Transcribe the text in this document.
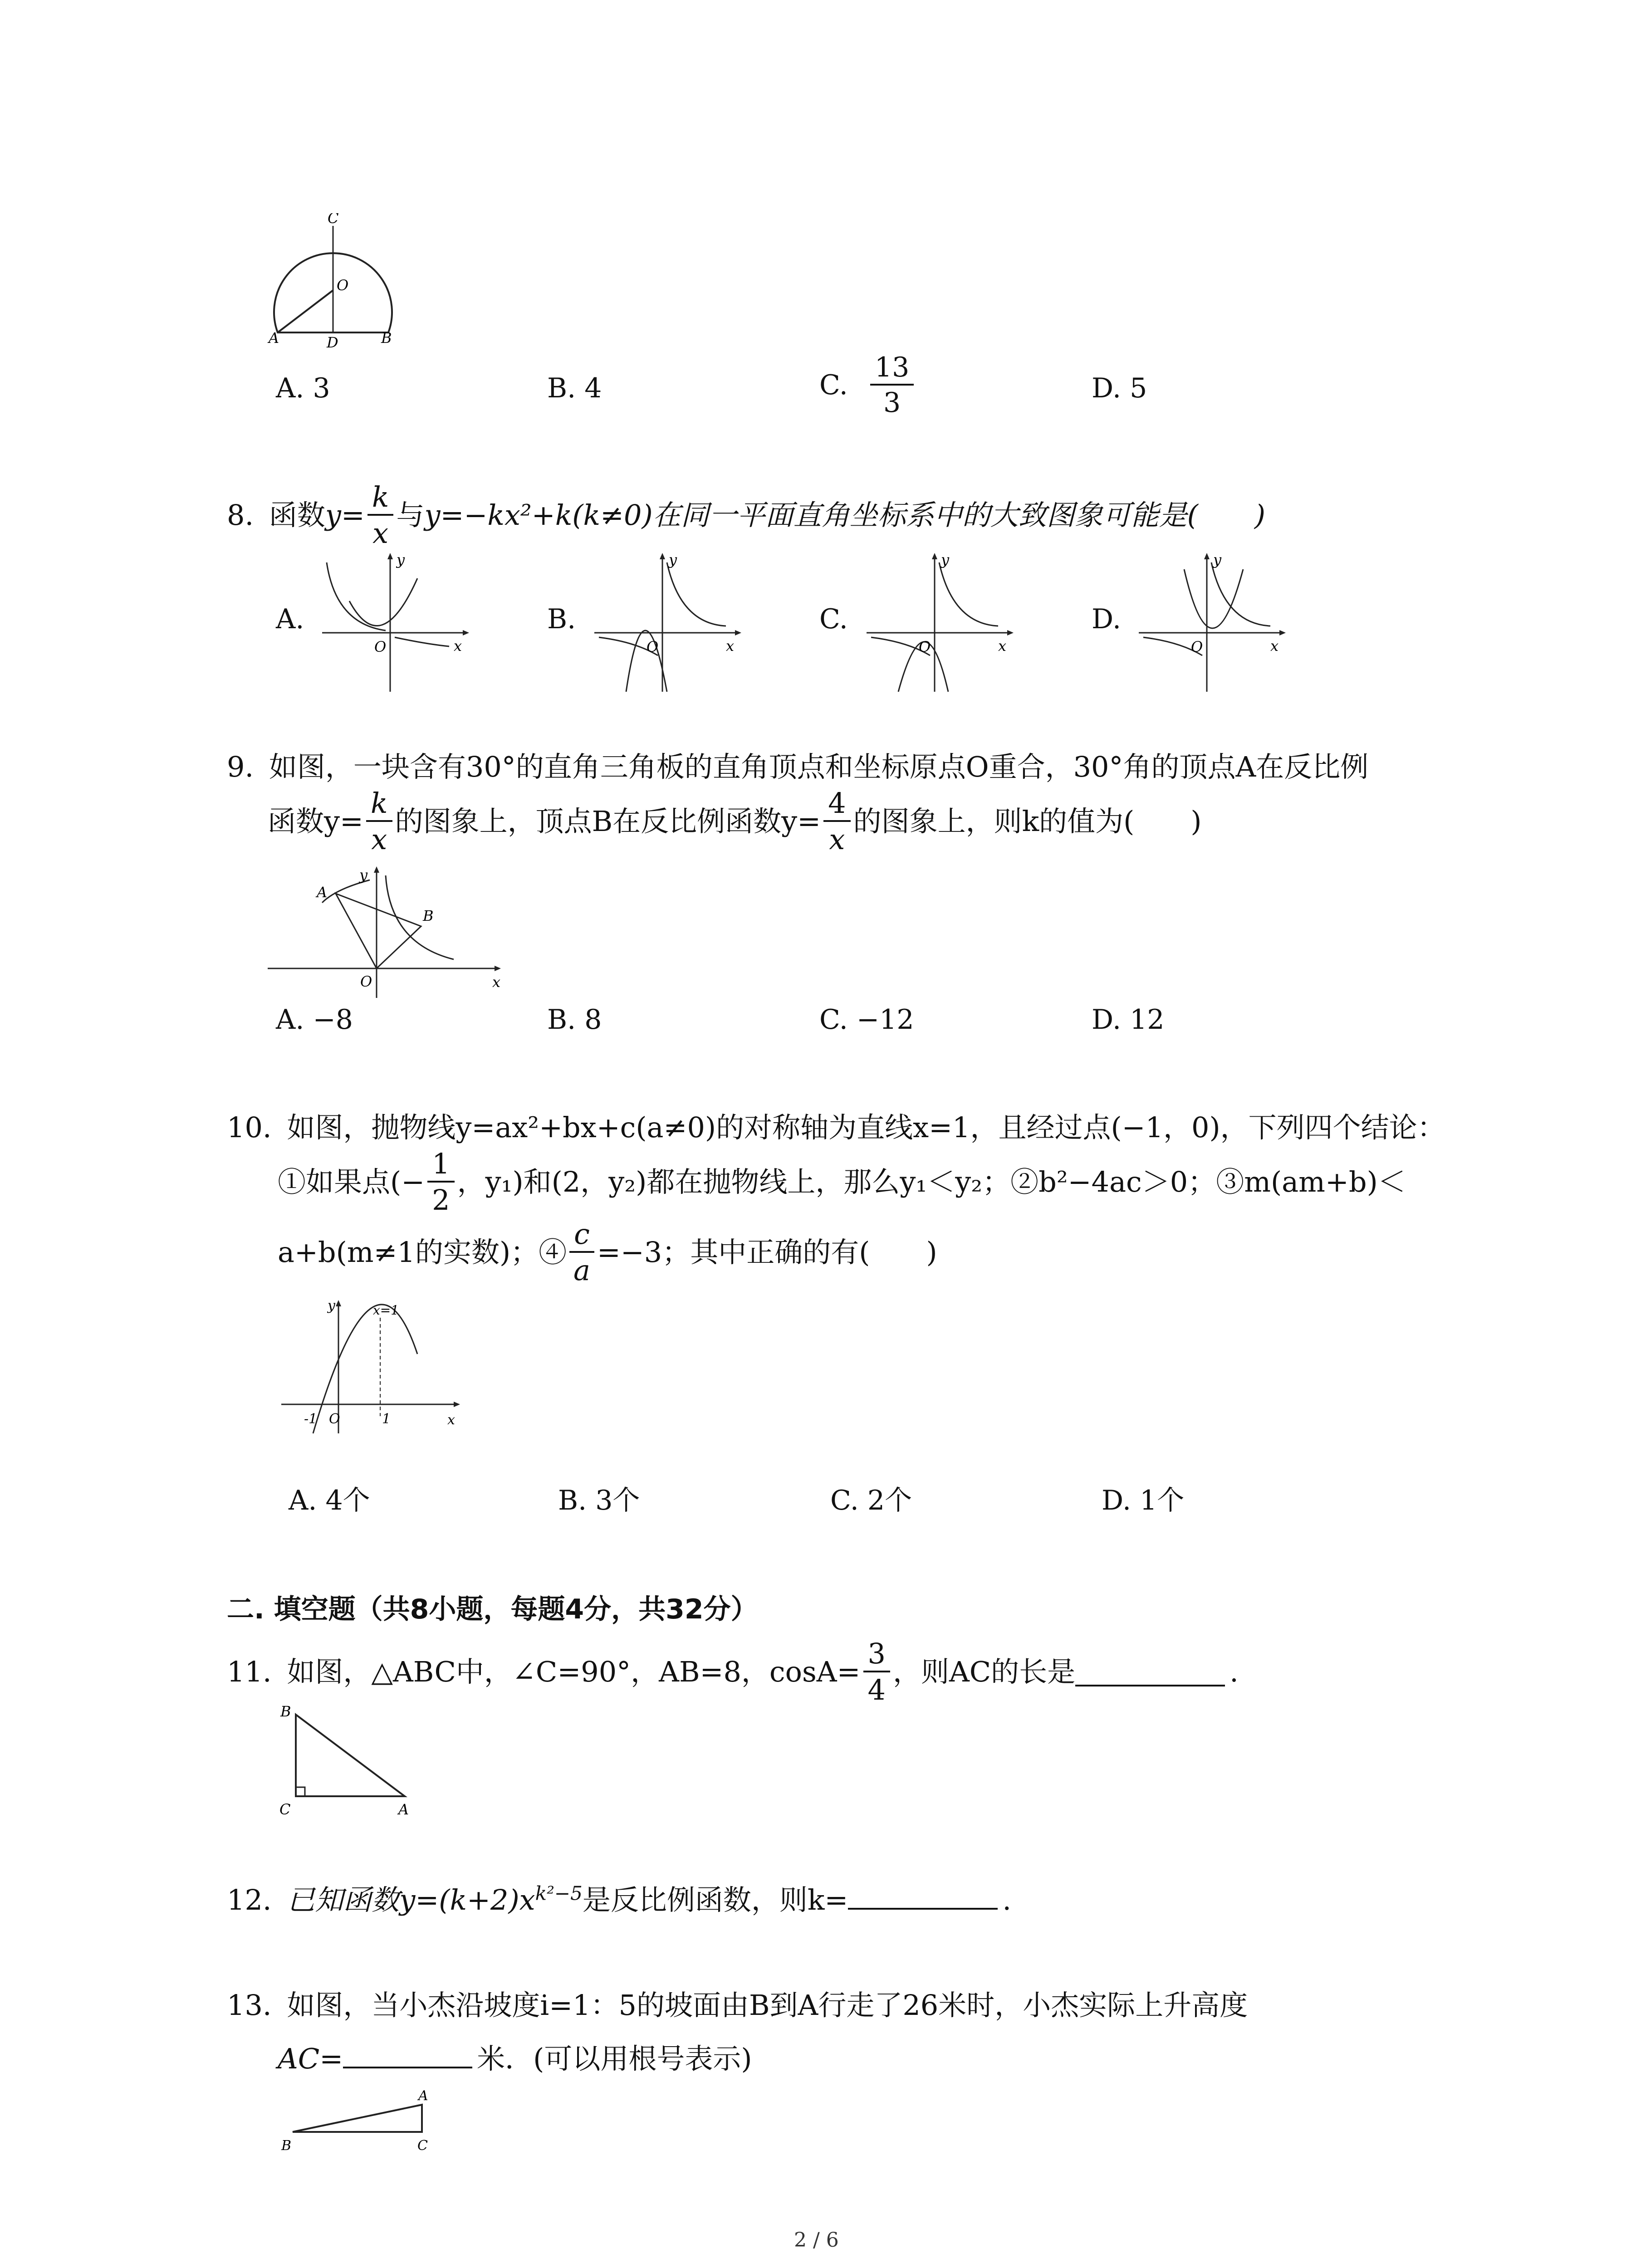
C
O
A	D	B
A. 3	B. 4	C. $\frac{13}{3}$	D. 5
8. 函数$y= \frac{k}{x}$ 与y=−kx²+k(k≠0)在同一平面直角坐标系中的大致图象可能是(　　)
A.	B.	C.	D.
y
x
O
y
x
O
y
x
O
y
x
O
9. 如图，一块含有30°的直角三角板的直角顶点和坐标原点O重合，30°角的顶点A在反比例
函数$y= \frac{k}{x}$ 的图象上，顶点B在反比例函数$y= \frac{4}{x}$ 的图象上，则k的值为(　　)
A
y
B
O	x
A. −8	B. 8	C. −12	D. 12
10. 如图，抛物线y=ax²+bx+c(a≠0)的对称轴为直线x=1，且经过点(−1，0)，下列四个结论：
①如果点(− $\frac{1}{2}$ ，y₁)和(2，y₂)都在抛物线上，那么y₁＜y₂；②b²−4ac＞0；③m(am+b)＜
a+b(m≠1的实数)；④ $\frac{c}{a} =-3$；其中正确的有(　　)
y	x=1
-1 O	1	x
A. 4个	B. 3个	C. 2个	D. 1个
二. 填空题（共8小题，每题4分，共32分）
11. 如图，△ABC中，∠C=90°，AB=8，$\cos A= \frac{3}{4}$ ，则AC的长是	.
B
C	A
12. 已知函数$y=(k+2)x^{k^2-5}$是反比例函数，则k=	.
13. 如图，当小杰沿坡度i=1：5的坡面由B到A行走了26米时，小杰实际上升高度
AC=	米．(可以用根号表示)
A
B	C
2 / 6
